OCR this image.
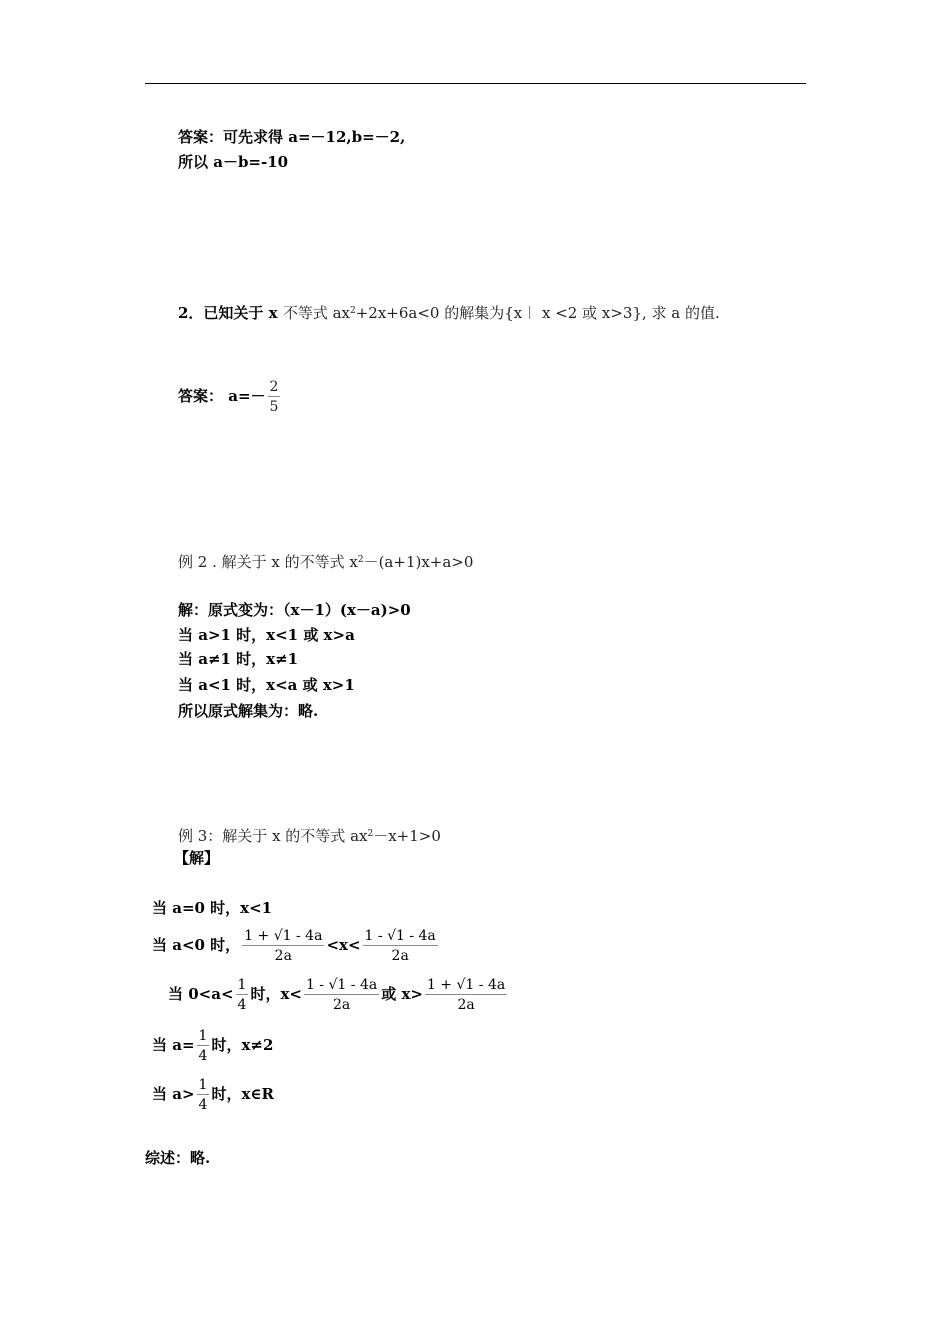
答案：可先求得 a=－12,b=－2,
所以 a－b=-10
2．已知关于 x 不等式 $ax^2+2x+6a<0$ 的解集为{x︱ x <2 或 x>3}, 求 a 的值.
答案： $a=- \frac{2}{5}$
例 2 . 解关于 x 的不等式 $x^2-(a+1)x+a>0$
解：原式变为：（x－1）(x－a)>0
当 a>1 时，x<1 或 x>a
当 a≠1 时，x≠1
当 a<1 时，x<a 或 x>1
所以原式解集为：略.
例 3：解关于 x 的不等式 $ax^2-x+1>0$
【解】
当 a=0 时，x<1
当 a<0 时， $\frac{1 + √1 - 4a}{2a} <x< \frac{1 - √1 - 4a}{2a}$
当 $0<a< \frac{1}{4}$ 时，$x< \frac{1 - √1 - 4a}{2a}$ 或 $x> \frac{1 + √1 - 4a}{2a}$
当 $a= \frac{1}{4}$ 时，x≠2
当 $a> \frac{1}{4}$ 时，x∈R
综述：略.
